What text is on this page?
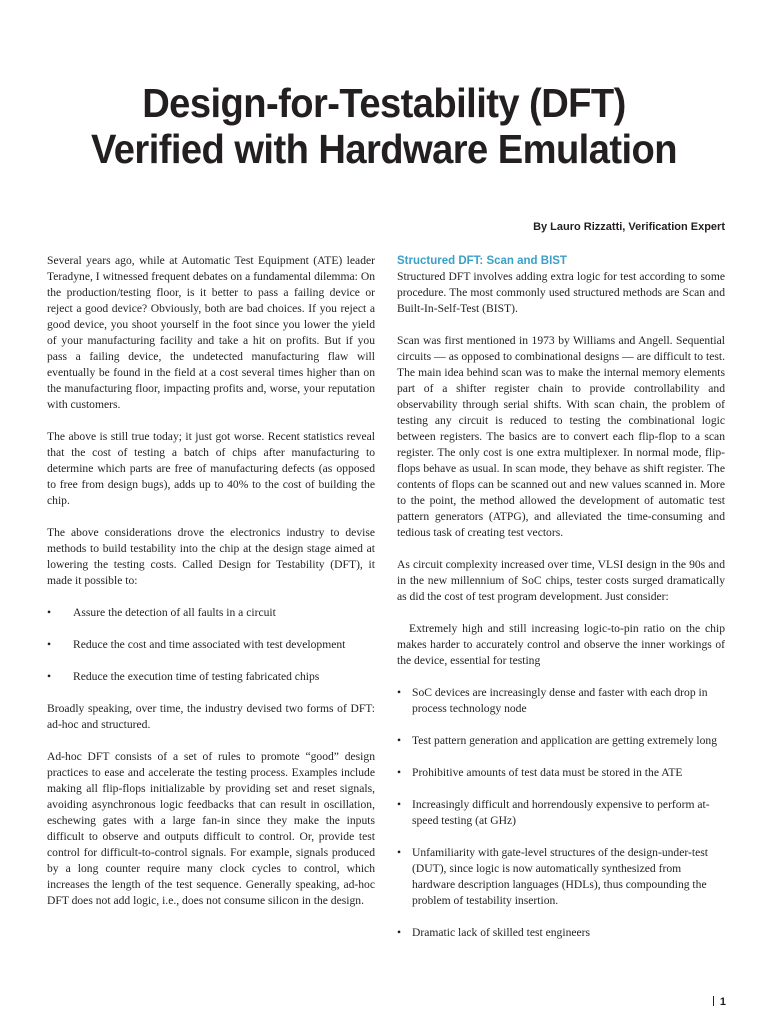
Design-for-Testability (DFT)
Verified with Hardware Emulation
By Lauro Rizzatti, Verification Expert

Several years ago, while at Automatic Test Equipment (ATE) leader Teradyne, I witnessed frequent debates on a fundamental dilemma: On the production/testing floor, is it better to pass a failing device or reject a good device? Obviously, both are bad choices. If you reject a good device, you shoot yourself in the foot since you lower the yield of your manufacturing facility and take a hit on profits. But if you pass a failing device, the undetected manufacturing flaw will eventually be found in the field at a cost several times higher than on the manufacturing floor, impacting profits and, worse, your reputation with customers.

The above is still true today; it just got worse. Recent statistics reveal that the cost of testing a batch of chips after manufacturing to determine which parts are free of manufacturing defects (as opposed to free from design bugs), adds up to 40% to the cost of building the chip.

The above considerations drove the electronics industry to devise methods to build testability into the chip at the design stage aimed at lowering the testing costs. Called Design for Testability (DFT), it made it possible to:

• Assure the detection of all faults in a circuit
• Reduce the cost and time associated with test development
• Reduce the execution time of testing fabricated chips

Broadly speaking, over time, the industry devised two forms of DFT: ad-hoc and structured.

Ad-hoc DFT consists of a set of rules to promote “good” design practices to ease and accelerate the testing process. Examples include making all flip-flops initializable by providing set and reset signals, avoiding asynchronous logic feedbacks that can result in oscillation, eschewing gates with a large fan-in since they make the inputs difficult to observe and outputs difficult to control. Or, provide test control for difficult-to-control signals. For example, signals produced by a long counter require many clock cycles to control, which increases the length of the test sequence. Generally speaking, ad-hoc DFT does not add logic, i.e., does not consume silicon in the design.

Structured DFT: Scan and BIST

Structured DFT involves adding extra logic for test according to some procedure. The most commonly used structured methods are Scan and Built-In-Self-Test (BIST).

Scan was first mentioned in 1973 by Williams and Angell. Sequential circuits –– as opposed to combinational designs –– are difficult to test. The main idea behind scan was to make the internal memory elements part of a shifter register chain to provide controllability and observability through serial shifts. With scan chain, the problem of testing any circuit is reduced to testing the combinational logic between registers. The basics are to convert each flip-flop to a scan register. The only cost is one extra multiplexer. In normal mode, flip-flops behave as usual. In scan mode, they behave as shift register. The contents of flops can be scanned out and new values scanned in. More to the point, the method allowed the development of automatic test pattern generators (ATPG), and alleviated the time-consuming and tedious task of creating test vectors.

As circuit complexity increased over time, VLSI design in the 90s and in the new millennium of SoC chips, tester costs surged dramatically as did the cost of test program development. Just consider:

Extremely high and still increasing logic-to-pin ratio on the chip makes harder to accurately control and observe the inner workings of the device, essential for testing

• SoC devices are increasingly dense and faster with each drop in process technology node
• Test pattern generation and application are getting extremely long
• Prohibitive amounts of test data must be stored in the ATE
• Increasingly difficult and horrendously expensive to perform at-speed testing (at GHz)
• Unfamiliarity with gate-level structures of the design-under-test (DUT), since logic is now automatically synthesized from hardware description languages (HDLs), thus compounding the problem of testability insertion.
• Dramatic lack of skilled test engineers
1
